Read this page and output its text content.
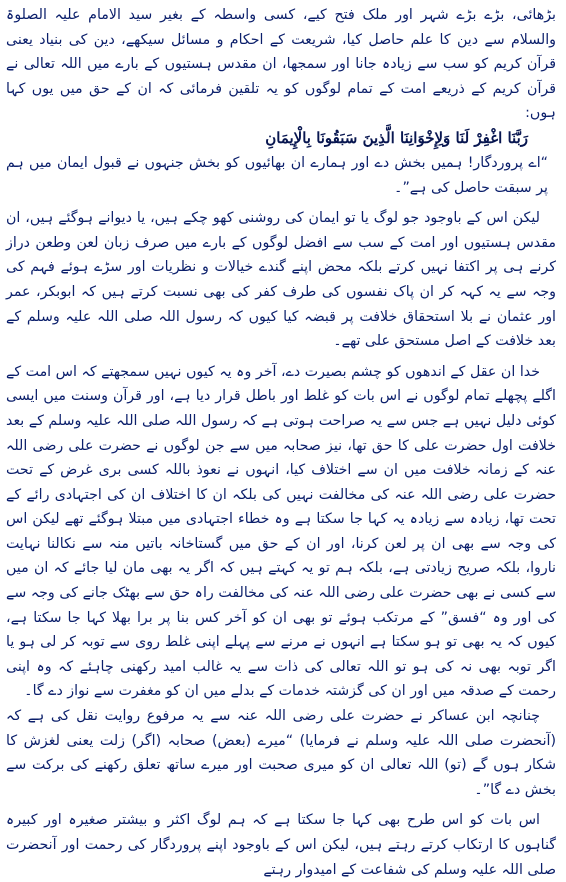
بڑھائی، بڑے بڑے شہر اور ملک فتح کیے، کسی واسطہ کے بغیر سید الامام علیہ الصلوۃ والسلام سے دین کا علم حاصل کیا، شریعت کے احکام و مسائل سیکھے، دین کی بنیاد یعنی قرآن کریم کو سب سے زیادہ جانا اور سمجھا، ان مقدس ہستیوں کے بارے میں اللہ تعالی نے قرآن کریم کے ذریعے امت کے تمام لوگوں کو یہ تلقین فرمائی کہ ان کے حق میں یوں کہا ہوں:

رَبَّنَا اغْفِرْ لَنَا وَلِإِخْوَانِنَا الَّذِينَ سَبَقُونَا بِالْإِيمَانِ

“اے پروردگار! ہمیں بخش دے اور ہمارے ان بھائیوں کو بخش جنہوں نے قبول ایمان میں ہم پر سبقت حاصل کی ہے”۔

لیکن اس کے باوجود جو لوگ یا تو ایمان کی روشنی کھو چکے ہیں، یا دیوانے ہوگئے ہیں، ان مقدس ہستیوں اور امت کے سب سے افضل لوگوں کے بارے میں صرف زبان لعن وطعن دراز کرنے ہی پر اکتفا نہیں کرتے بلکہ محض اپنے گندے خیالات و نظریات اور سڑے ہوئے فہم کی وجہ سے یہ کہہ کر ان پاک نفسوں کی طرف کفر کی بھی نسبت کرتے ہیں کہ ابوبکر، عمر اور عثمان نے بلا استحقاق خلافت پر قبضہ کیا کیوں کہ رسول اللہ صلی اللہ علیہ وسلم کے بعد خلافت کے اصل مستحق علی تھے۔

خدا ان عقل کے اندھوں کو چشم بصیرت دے، آخر وہ یہ کیوں نہیں سمجھتے کہ اس امت کے اگلے پچھلے تمام لوگوں نے اس بات کو غلط اور باطل قرار دیا ہے، اور قرآن وسنت میں ایسی کوئی دلیل نہیں ہے جس سے یہ صراحت ہوتی ہے کہ رسول اللہ صلی اللہ علیہ وسلم کے بعد خلافت اول حضرت علی کا حق تھا، نیز صحابہ میں سے جن لوگوں نے حضرت علی رضی اللہ عنہ کے زمانہ خلافت میں ان سے اختلاف کیا، انہوں نے نعوذ باللہ کسی بری غرض کے تحت حضرت علی رضی اللہ عنہ کی مخالفت نہیں کی بلکہ ان کا اختلاف ان کی اجتہادی رائے کے تحت تھا، زیادہ سے زیادہ یہ کہا جا سکتا ہے وہ خطاء اجتہادی میں مبتلا ہوگئے تھے لیکن اس کی وجہ سے بھی ان پر لعن کرنا، اور ان کے حق میں گستاخانہ باتیں منہ سے نکالنا نہایت ناروا، بلکہ صریح زیادتی ہے، بلکہ ہم تو یہ کہتے ہیں کہ اگر یہ بھی مان لیا جائے کہ ان میں سے کسی نے بھی حضرت علی رضی اللہ عنہ کی مخالفت راہ حق سے بھٹک جانے کی وجہ سے کی اور وہ “فسق” کے مرتکب ہوئے تو بھی ان کو آخر کس بنا پر برا بھلا کہا جا سکتا ہے، کیوں کہ یہ بھی تو ہو سکتا ہے انہوں نے مرنے سے پہلے اپنی غلط روی سے توبہ کر لی ہو یا اگر توبہ بھی نہ کی ہو تو اللہ تعالی کی ذات سے یہ غالب امید رکھنی چاہئے کہ وہ اپنی رحمت کے صدقہ میں اور ان کی گزشتہ خدمات کے بدلے میں ان کو مغفرت سے نواز دے گا۔

چنانچہ ابن عساکر نے حضرت علی رضی اللہ عنہ سے یہ مرفوع روایت نقل کی ہے کہ (آنحضرت صلی اللہ علیہ وسلم نے فرمایا) “میرے (بعض) صحابہ (اگر) زلت یعنی لغزش کا شکار ہوں گے (تو) اللہ تعالی ان کو میری صحبت اور میرے ساتھ تعلق رکھنے کی برکت سے بخش دے گا”۔

اس بات کو اس طرح بھی کہا جا سکتا ہے کہ ہم لوگ اکثر و بیشتر صغیرہ اور کبیرہ گناہوں کا ارتکاب کرتے رہتے ہیں، لیکن اس کے باوجود اپنے پروردگار کی رحمت اور آنحضرت صلی اللہ علیہ وسلم کی شفاعت کے امیدوار رہتے
